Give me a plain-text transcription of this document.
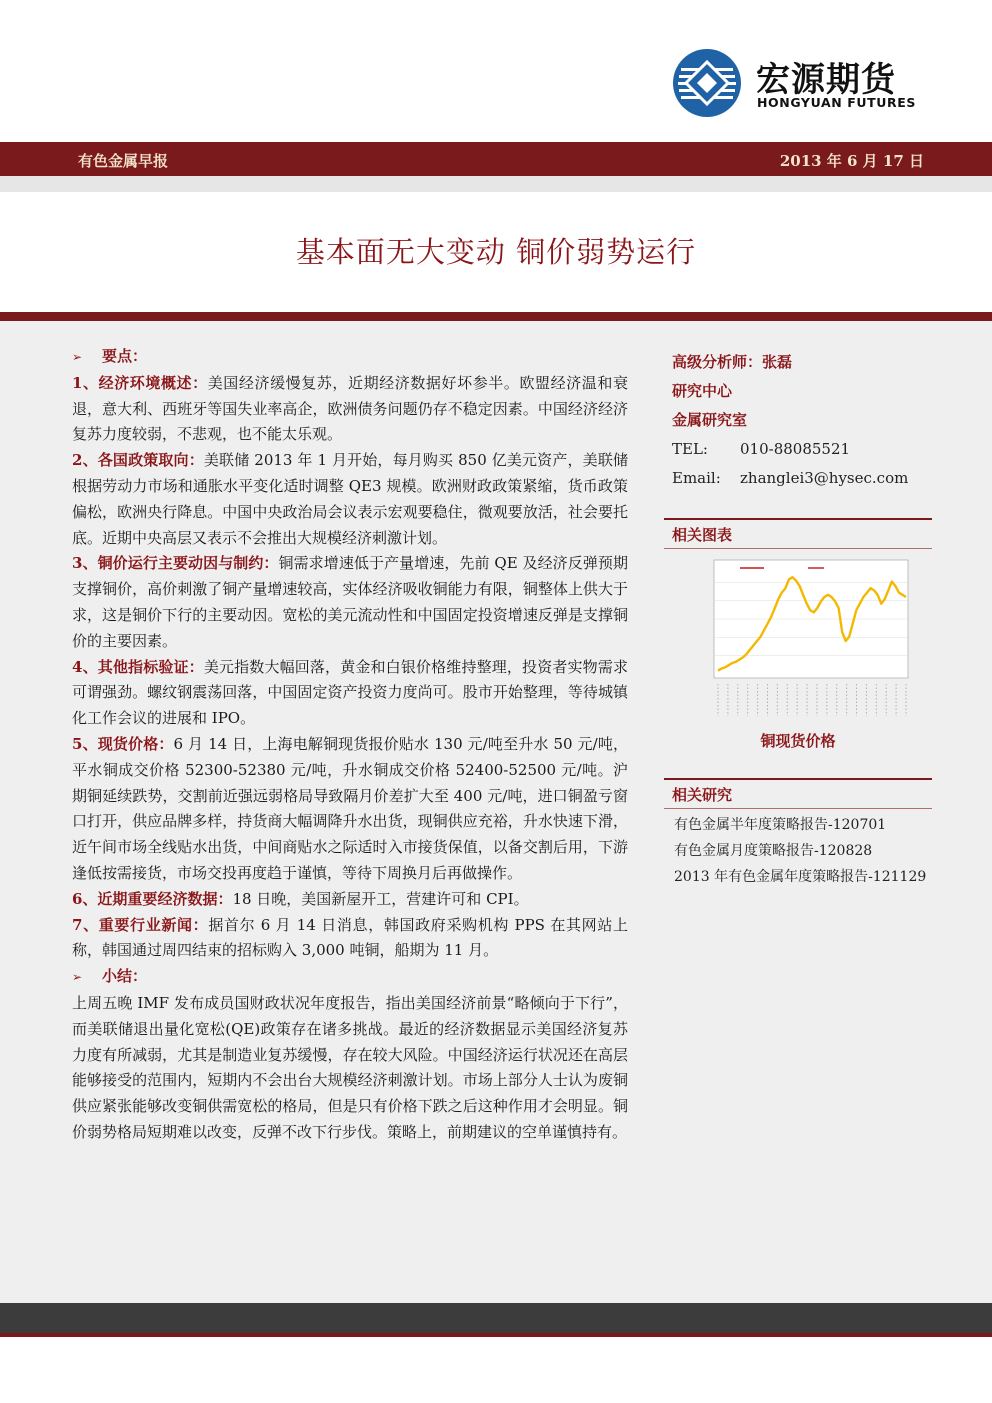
宏源期货
HONGYUAN FUTURES
有色金属早报	2013 年 6 月 17 日
基本面无大变动 铜价弱势运行

➢ 要点：

1、经济环境概述：美国经济缓慢复苏，近期经济数据好坏参半。欧盟经济温和衰退，意大利、西班牙等国失业率高企，欧洲债务问题仍存不稳定因素。中国经济经济复苏力度较弱，不悲观，也不能太乐观。

2、各国政策取向：美联储 2013 年 1 月开始，每月购买 850 亿美元资产，美联储根据劳动力市场和通胀水平变化适时调整 QE3 规模。欧洲财政政策紧缩，货币政策偏松，欧洲央行降息。中国中央政治局会议表示宏观要稳住，微观要放活，社会要托底。近期中央高层又表示不会推出大规模经济刺激计划。

3、铜价运行主要动因与制约：铜需求增速低于产量增速，先前 QE 及经济反弹预期支撑铜价，高价刺激了铜产量增速较高，实体经济吸收铜能力有限，铜整体上供大于求，这是铜价下行的主要动因。宽松的美元流动性和中国固定投资增速反弹是支撑铜价的主要因素。

4、其他指标验证：美元指数大幅回落，黄金和白银价格维持整理，投资者实物需求可谓强劲。螺纹钢震荡回落，中国固定资产投资力度尚可。股市开始整理，等待城镇化工作会议的进展和 IPO。

5、现货价格：6 月 14 日，上海电解铜现货报价贴水 130 元/吨至升水 50 元/吨，平水铜成交价格 52300-52380 元/吨，升水铜成交价格 52400-52500 元/吨。沪期铜延续跌势，交割前近强远弱格局导致隔月价差扩大至 400 元/吨，进口铜盈亏窗口打开，供应品牌多样，持货商大幅调降升水出货，现铜供应充裕，升水快速下滑，近午间市场全线贴水出货，中间商贴水之际适时入市接货保值，以备交割后用，下游逢低按需接货，市场交投再度趋于谨慎，等待下周换月后再做操作。

6、近期重要经济数据：18 日晚，美国新屋开工，营建许可和 CPI。

7、重要行业新闻：据首尔 6 月 14 日消息，韩国政府采购机构 PPS 在其网站上称，韩国通过周四结束的招标购入 3,000 吨铜，船期为 11 月。

➢ 小结：

上周五晚 IMF 发布成员国财政状况年度报告，指出美国经济前景“略倾向于下行”，而美联储退出量化宽松(QE)政策存在诸多挑战。最近的经济数据显示美国经济复苏力度有所减弱，尤其是制造业复苏缓慢，存在较大风险。中国经济运行状况还在高层能够接受的范围内，短期内不会出台大规模经济刺激计划。市场上部分人士认为废铜供应紧张能够改变铜供需宽松的格局，但是只有价格下跌之后这种作用才会明显。铜价弱势格局短期难以改变，反弹不改下行步伐。策略上，前期建议的空单谨慎持有。

高级分析师：张磊
研究中心
金属研究室
TEL: 010-88085521
Email: zhanglei3@hysec.com
相关图表
铜现货价格
相关研究
有色金属半年度策略报告-120701
有色金属月度策略报告-120828
2013 年有色金属年度策略报告-121129
